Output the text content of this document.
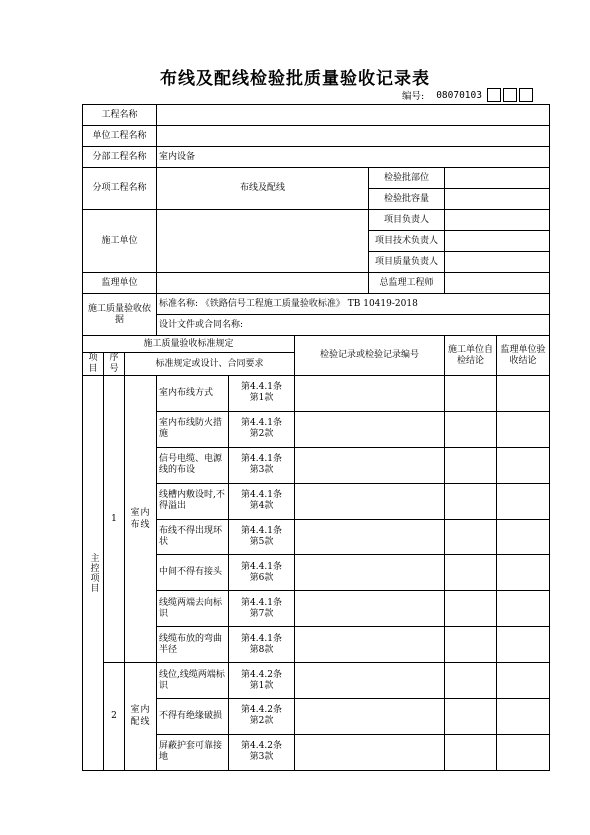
布线及配线检验批质量验收记录表
编号: 08070103
工程名称								
单位工程名称								
分部工程名称			室内设备					
分项工程名称			布线及配线			检验批部位		
						检验批容量		
施工单位						项目负责人		
						项目技术负责人		
						项目质量负责人		
监理单位						总监理工程师		
施工质量验收依据			标准名称: 《铁路信号工程施工质量验收标准》 TB 10419-2018					
			设计文件或合同名称:					
施工质量验收标准规定					检验记录或检验记录编号		施工单位自检结论	监理单位验收结论
项目	序号	标准规定或设计、合同要求						

主控项目	1	室内布线	室内布线方式	第4.4.1条
第1款				

			室内布线防火措施	第4.4.1条
第2款				

			信号电缆、电源线的布设	第4.4.1条
第3款				

			线槽内敷设时,不得溢出	第4.4.1条
第4款				

			布线不得出现环状	第4.4.1条
第5款				

			中间不得有接头	第4.4.1条
第6款				

			线缆两端去向标识	第4.4.1条
第7款				

			线缆布放的弯曲半径	第4.4.1条
第8款				

	2	室内配线	线位,线缆两端标识	第4.4.2条
第1款				

			不得有绝缘破损	第4.4.2条
第2款				

			屏蔽护套可靠接地	第4.4.2条
第3款				
